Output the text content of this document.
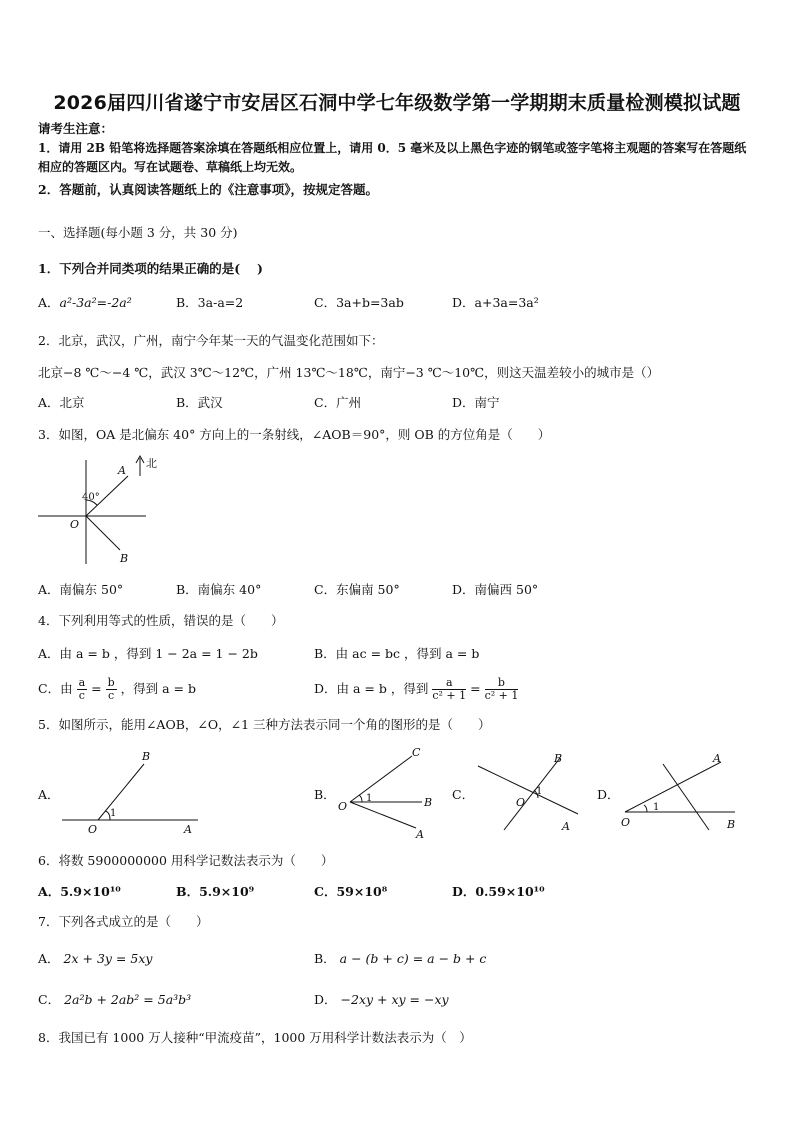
2026届四川省遂宁市安居区石洞中学七年级数学第一学期期末质量检测模拟试题
请考生注意：
1．请用 2B 铅笔将选择题答案涂填在答题纸相应位置上，请用 0．5 毫米及以上黑色字迹的钢笔或签字笔将主观题的答案写在答题纸相应的答题区内。写在试题卷、草稿纸上均无效。
2．答题前，认真阅读答题纸上的《注意事项》，按规定答题。
一、选择题(每小题 3 分，共 30 分)
1．下列合并同类项的结果正确的是(　 )
A．a²-3a²=-2a²	B．3a-a=2	C．3a+b=3ab	D．a+3a=3a²
2．北京，武汉，广州，南宁今年某一天的气温变化范围如下：
北京−8 ℃～−4 ℃，武汉 3℃～12℃，广州 13℃～18℃，南宁−3 ℃～10℃，则这天温差较小的城市是（）
A．北京	B．武汉	C．广州	D．南宁
3．如图，OA 是北偏东 40° 方向上的一条射线，∠AOB＝90°，则 OB 的方位角是（　　）
北
40°
O
A
B
A．南偏东 50°	B．南偏东 40°	C．东偏南 50°	D．南偏西 50°
4．下列利用等式的性质，错误的是（　　）
A．由 a = b ，得到 1 − 2a = 1 − 2b	B．由 ac = bc ，得到 a = b
C．由 $\frac{a}{c} = \frac{b}{c}$ ，得到 a = b	D．由 a = b ，得到 $\frac{a}{\text{c² + 1}} = \frac{b}{\text{c² + 1}}$
5．如图所示，能用∠AOB，∠O，∠1 三种方法表示同一个角的图形的是（　　）
A．
B
1
O	A
B．
C
1
O	B
A
C．
B
1
O
A
D．
A
1
O	B
6．将数 5900000000 用科学记数法表示为（　　）
A．5.9×10¹⁰	B．5.9×10⁹	C．59×10⁸	D．0.59×10¹⁰
7．下列各式成立的是（　　）
A． 2x + 3y = 5xy	B． a − (b + c) = a − b + c
C． 2a²b + 2ab² = 5a³b³	D． −2xy + xy = −xy
8．我国已有 1000 万人接种“甲流疫苗”，1000 万用科学计数法表示为（　）
